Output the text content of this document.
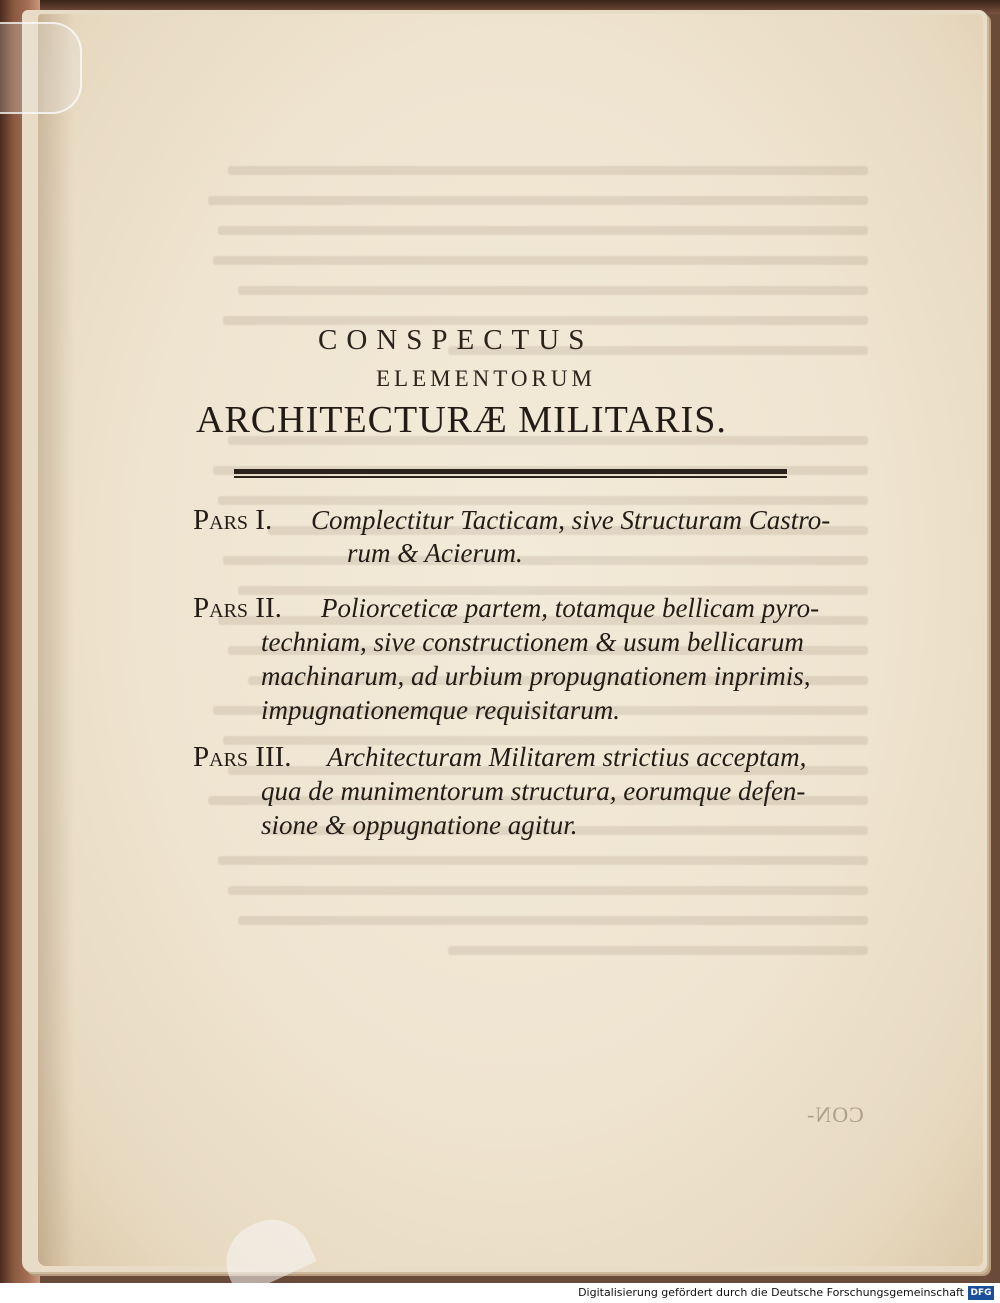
CONSPECTUS
ELEMENTORUM
ARCHITECTURÆ MILITARIS.
Pars I. Complectitur Tacticam, sive Structuram Castro-
rum & Acierum.
Pars II. Poliorceticæ partem, totamque bellicam pyro-
techniam, sive constructionem & usum bellicarum
machinarum, ad urbium propugnationem inprimis,
impugnationemque requisitarum.
Pars III. Architecturam Militarem strictius acceptam,
qua de munimentorum structura, eorumque defen-
sione & oppugnatione agitur.
CON-
Digitalisierung gefördert durch die Deutsche Forschungsgemeinschaft DFG
